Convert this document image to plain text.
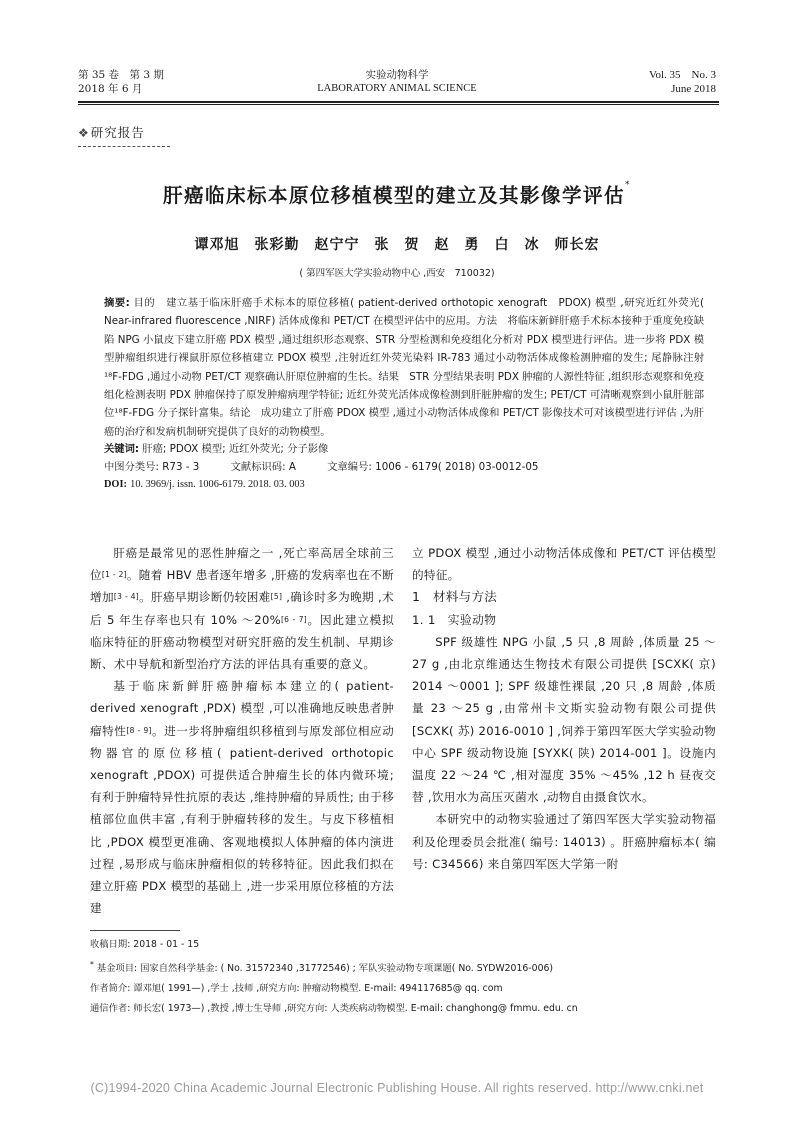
第 35 卷　第 3 期
2018 年 6 月
实验动物科学
LABORATORY ANIMAL SCIENCE
Vol. 35　No. 3
June 2018
❖研究报告
肝癌临床标本原位移植模型的建立及其影像学评估*
谭邓旭　张彩勤　赵宁宁　张　贺　赵　勇　白　冰　师长宏
( 第四军医大学实验动物中心 ,西安　710032)

摘要: 目的　建立基于临床肝癌手术标本的原位移植( patient-derived orthotopic xenograft　PDOX) 模型 ,研究近红外荧光( Near-infrared fluorescence ,NIRF) 活体成像和 PET/CT 在模型评估中的应用。方法　将临床新鲜肝癌手术标本接种于重度免疫缺陷 NPG 小鼠皮下建立肝癌 PDX 模型 ,通过组织形态观察、STR 分型检测和免疫组化分析对 PDX 模型进行评估。进一步将 PDX 模型肿瘤组织进行裸鼠肝原位移植建立 PDOX 模型 ,注射近红外荧光染料 IR-783 通过小动物活体成像检测肿瘤的发生; 尾静脉注射¹⁸F-FDG ,通过小动物 PET/CT 观察确认肝原位肿瘤的生长。结果　STR 分型结果表明 PDX 肿瘤的人源性特征 ,组织形态观察和免疫组化检测表明 PDX 肿瘤保持了原发肿瘤病理学特征; 近红外荧光活体成像检测到肝脏肿瘤的发生; PET/CT 可清晰观察到小鼠肝脏部位¹⁸F-FDG 分子探针富集。结论　成功建立了肝癌 PDOX 模型 ,通过小动物活体成像和 PET/CT 影像技术可对该模型进行评估 ,为肝癌的治疗和发病机制研究提供了良好的动物模型。

关键词: 肝癌; PDOX 模型; 近红外荧光; 分子影像
中图分类号: R73 - 3	文献标识码: A	文章编号: 1006 - 6179( 2018) 03-0012-05
DOI: 10. 3969/j. issn. 1006-6179. 2018. 03. 003

肝癌是最常见的恶性肿瘤之一 ,死亡率高居全球前三位[1 - 2]。随着 HBV 患者逐年增多 ,肝癌的发病率也在不断增加[3 - 4]。肝癌早期诊断仍较困难[5] ,确诊时多为晚期 ,术后 5 年生存率也只有 10% ～20%[6 - 7]。因此建立模拟临床特征的肝癌动物模型对研究肝癌的发生机制、早期诊断、术中导航和新型治疗方法的评估具有重要的意义。

基于临床新鲜肝癌肿瘤标本建立的( patient-derived xenograft ,PDX) 模型 ,可以准确地反映患者肿瘤特性[8 - 9]。进一步将肿瘤组织移植到与原发部位相应动物器官的原位移植( patient-derived orthotopic xenograft ,PDOX) 可提供适合肿瘤生长的体内微环境; 有利于肿瘤特异性抗原的表达 ,维持肿瘤的异质性; 由于移植部位血供丰富 ,有利于肿瘤转移的发生。与皮下移植相比 ,PDOX 模型更准确、客观地模拟人体肿瘤的体内演进过程 ,易形成与临床肿瘤相似的转移特征。因此我们拟在建立肝癌 PDX 模型的基础上 ,进一步采用原位移植的方法建

立 PDOX 模型 ,通过小动物活体成像和 PET/CT 评估模型的特征。

1　材料与方法

1. 1　实验动物

SPF 级雄性 NPG 小鼠 ,5 只 ,8 周龄 ,体质量 25 ～27 g ,由北京维通达生物技术有限公司提供 [SCXK( 京) 2014 ～0001 ]; SPF 级雄性裸鼠 ,20 只 ,8 周龄 ,体质量 23 ～25 g ,由常州卡文斯实验动物有限公司提供[SCXK( 苏) 2016-0010 ] ,饲养于第四军医大学实验动物中心 SPF 级动物设施 [SYXK( 陕) 2014-001 ]。设施内温度 22 ～24 ℃ ,相对湿度 35% ～45% ,12 h 昼夜交替 ,饮用水为高压灭菌水 ,动物自由摄食饮水。

本研究中的动物实验通过了第四军医大学实验动物福利及伦理委员会批准( 编号: 14013) 。肝癌肿瘤标本( 编号: C34566) 来自第四军医大学第一附

收稿日期: 2018 - 01 - 15

* 基金项目: 国家自然科学基金: ( No. 31572340 ,31772546) ; 军队实验动物专项课题( No. SYDW2016-006)

作者简介: 谭邓旭( 1991—) ,学士 ,技师 ,研究方向: 肿瘤动物模型. E-mail: 494117685@ qq. com

通信作者: 师长宏( 1973—) ,教授 ,博士生导师 ,研究方向: 人类疾病动物模型. E-mail: changhong@ fmmu. edu. cn

(C)1994-2020 China Academic Journal Electronic Publishing House. All rights reserved. http://www.cnki.net
